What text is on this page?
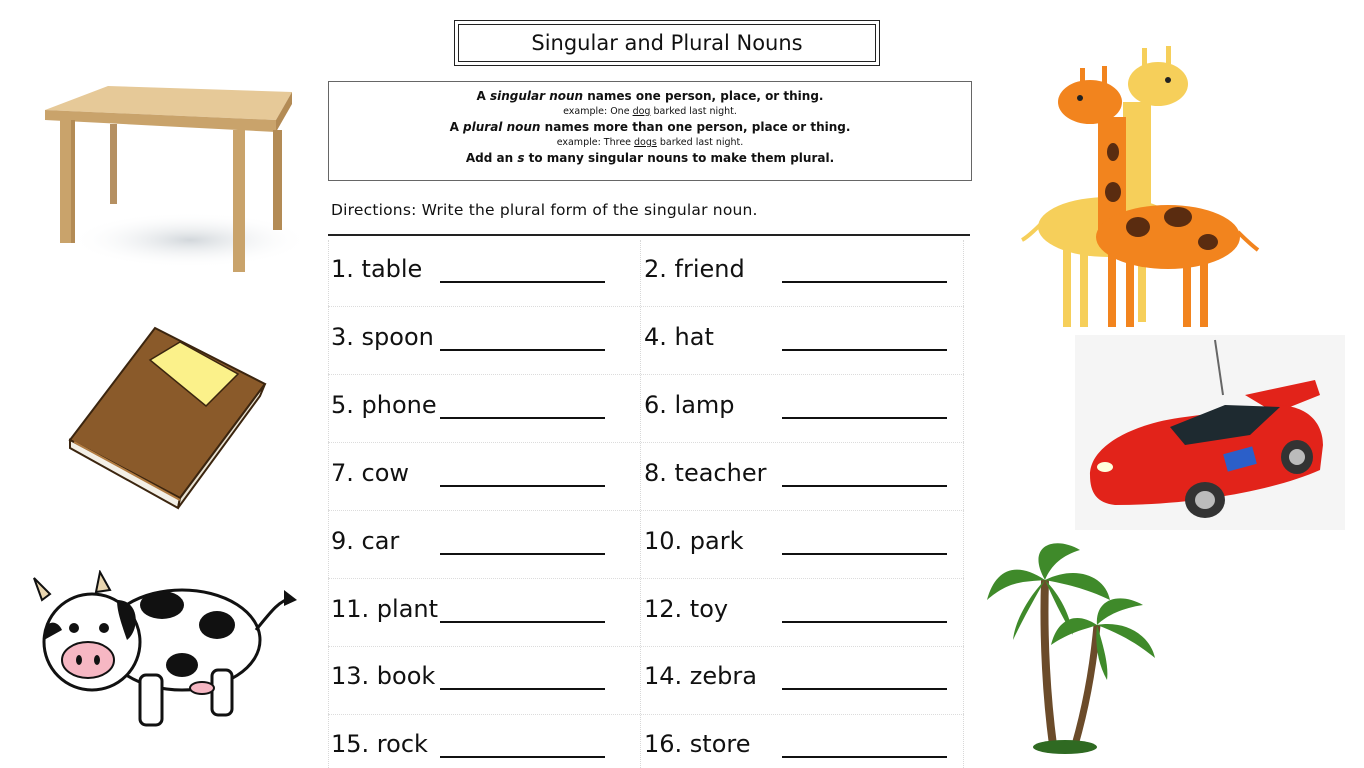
Singular and Plural Nouns
A singular noun names one person, place, or thing.
example: One dog barked last night.
A plural noun names more than one person, place or thing.
example: Three dogs barked last night.
Add an s to many singular nouns to make them plural.
Directions: Write the plural form of the singular noun.
1. table	2. friend
3. spoon	4. hat
5. phone	6. lamp
7. cow	8. teacher
9. car	10. park
11. plant	12. toy
13. book	14. zebra
15. rock	16. store
